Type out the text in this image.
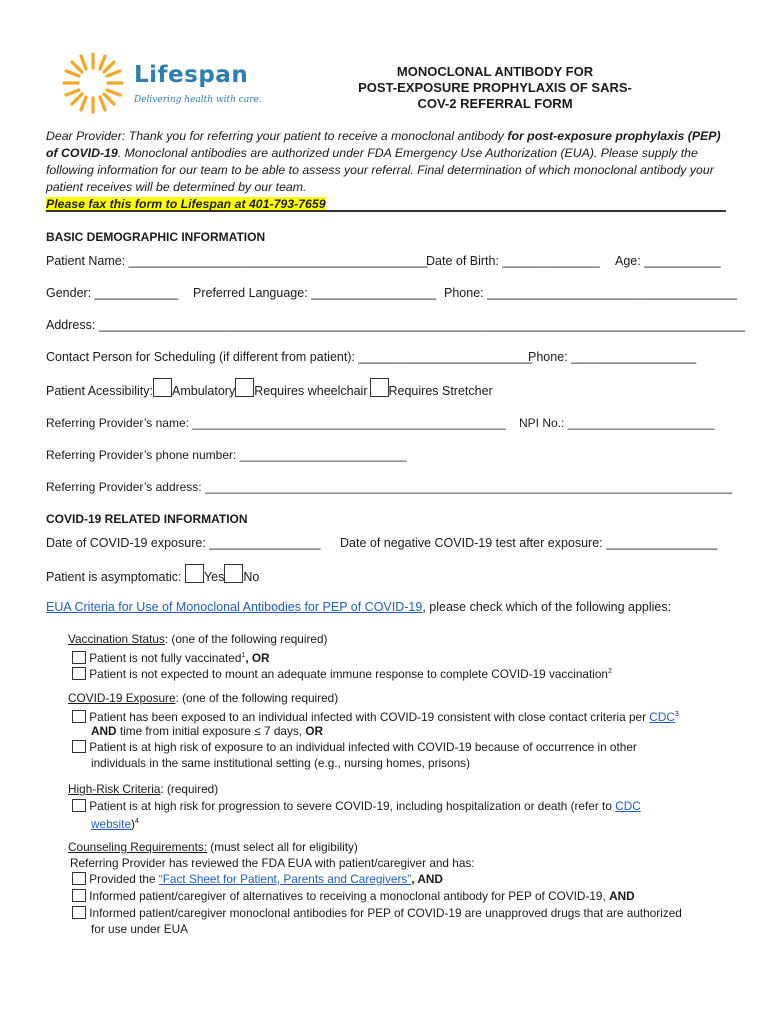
Lifespan
Delivering health with care.
MONOCLONAL ANTIBODY FOR
POST-EXPOSURE PROPHYLAXIS OF SARS-
COV-2 REFERRAL FORM
Dear Provider: Thank you for referring your patient to receive a monoclonal antibody for post-exposure prophylaxis (PEP) of COVID-19. Monoclonal antibodies are authorized under FDA Emergency Use Authorization (EUA). Please supply the following information for our team to be able to assess your referral. Final determination of which monoclonal antibody your patient receives will be determined by our team.
Please fax this form to Lifespan at 401-793-7659
BASIC DEMOGRAPHIC INFORMATION
Patient Name: ___________________________________________
Date of Birth: ______________ Age: ___________
Gender: ____________ Preferred Language: __________________ Phone: ____________________________________
Address: _____________________________________________________________________________________________
Contact Person for Scheduling (if different from patient): _________________________
Phone: __________________
Patient Acessibility: Ambulatory Requires wheelchair Requires Stretcher
Referring Provider’s name: _______________________________________________ NPI No.: ______________________
Referring Provider’s phone number: _________________________
Referring Provider’s address: _______________________________________________________________________________
COVID-19 RELATED INFORMATION
Date of COVID-19 exposure: ________________ Date of negative COVID-19 test after exposure: ________________
Patient is asymptomatic: Yes No
EUA Criteria for Use of Monoclonal Antibodies for PEP of COVID-19, please check which of the following applies:
Vaccination Status: (one of the following required)
Patient is not fully vaccinated$^1$, OR
Patient is not expected to mount an adequate immune response to complete COVID-19 vaccination$^2$
COVID-19 Exposure: (one of the following required)
Patient has been exposed to an individual infected with COVID-19 consistent with close contact criteria per CDC$^3$
AND time from initial exposure ≤ 7 days, OR
Patient is at high risk of exposure to an individual infected with COVID-19 because of occurrence in other
individuals in the same institutional setting (e.g., nursing homes, prisons)
High-Risk Criteria: (required)
Patient is at high risk for progression to severe COVID-19, including hospitalization or death (refer to CDC
website)$^4$
Counseling Requirements: (must select all for eligibility)
Referring Provider has reviewed the FDA EUA with patient/caregiver and has:
Provided the “Fact Sheet for Patient, Parents and Caregivers”, AND
Informed patient/caregiver of alternatives to receiving a monoclonal antibody for PEP of COVID-19, AND
Informed patient/caregiver monoclonal antibodies for PEP of COVID-19 are unapproved drugs that are authorized
for use under EUA
